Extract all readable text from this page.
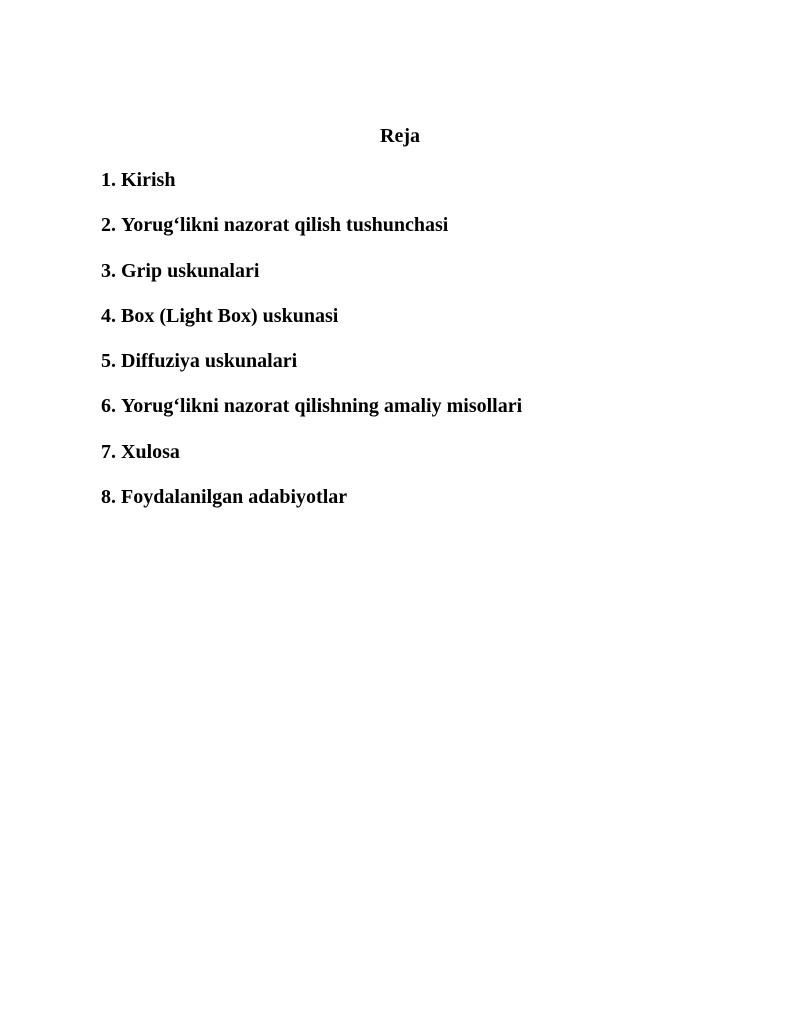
Reja
1. Kirish
2. Yorug‘likni nazorat qilish tushunchasi
3. Grip uskunalari
4. Box (Light Box) uskunasi
5. Diffuziya uskunalari
6. Yorug‘likni nazorat qilishning amaliy misollari
7. Xulosa
8. Foydalanilgan adabiyotlar
